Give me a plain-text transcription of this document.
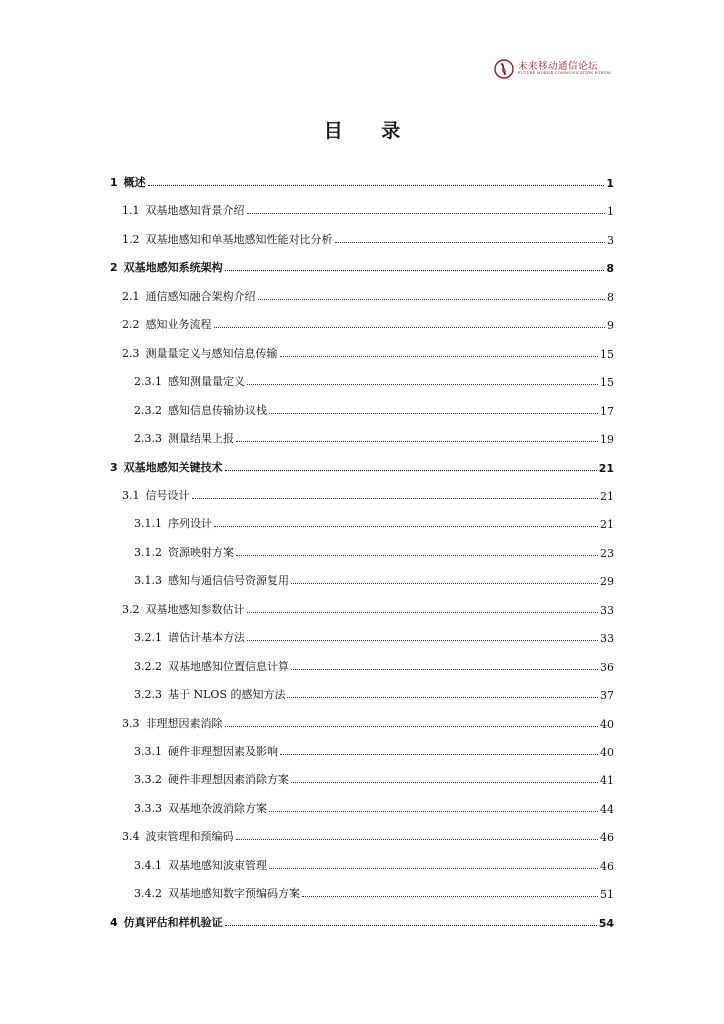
未来移动通信论坛
FUTURE MOBILE COMMUNICATION FORUM
目 录
1 概述	1
1.1 双基地感知背景介绍	1
1.2 双基地感知和单基地感知性能对比分析	3
2 双基地感知系统架构	8
2.1 通信感知融合架构介绍	8
2.2 感知业务流程	9
2.3 测量量定义与感知信息传输	15
2.3.1 感知测量量定义	15
2.3.2 感知信息传输协议栈	17
2.3.3 测量结果上报	19
3 双基地感知关键技术	21
3.1 信号设计	21
3.1.1 序列设计	21
3.1.2 资源映射方案	23
3.1.3 感知与通信信号资源复用	29
3.2 双基地感知参数估计	33
3.2.1 谱估计基本方法	33
3.2.2 双基地感知位置信息计算	36
3.2.3 基于 NLOS 的感知方法	37
3.3 非理想因素消除	40
3.3.1 硬件非理想因素及影响	40
3.3.2 硬件非理想因素消除方案	41
3.3.3 双基地杂波消除方案	44
3.4 波束管理和预编码	46
3.4.1 双基地感知波束管理	46
3.4.2 双基地感知数字预编码方案	51
4 仿真评估和样机验证	54
